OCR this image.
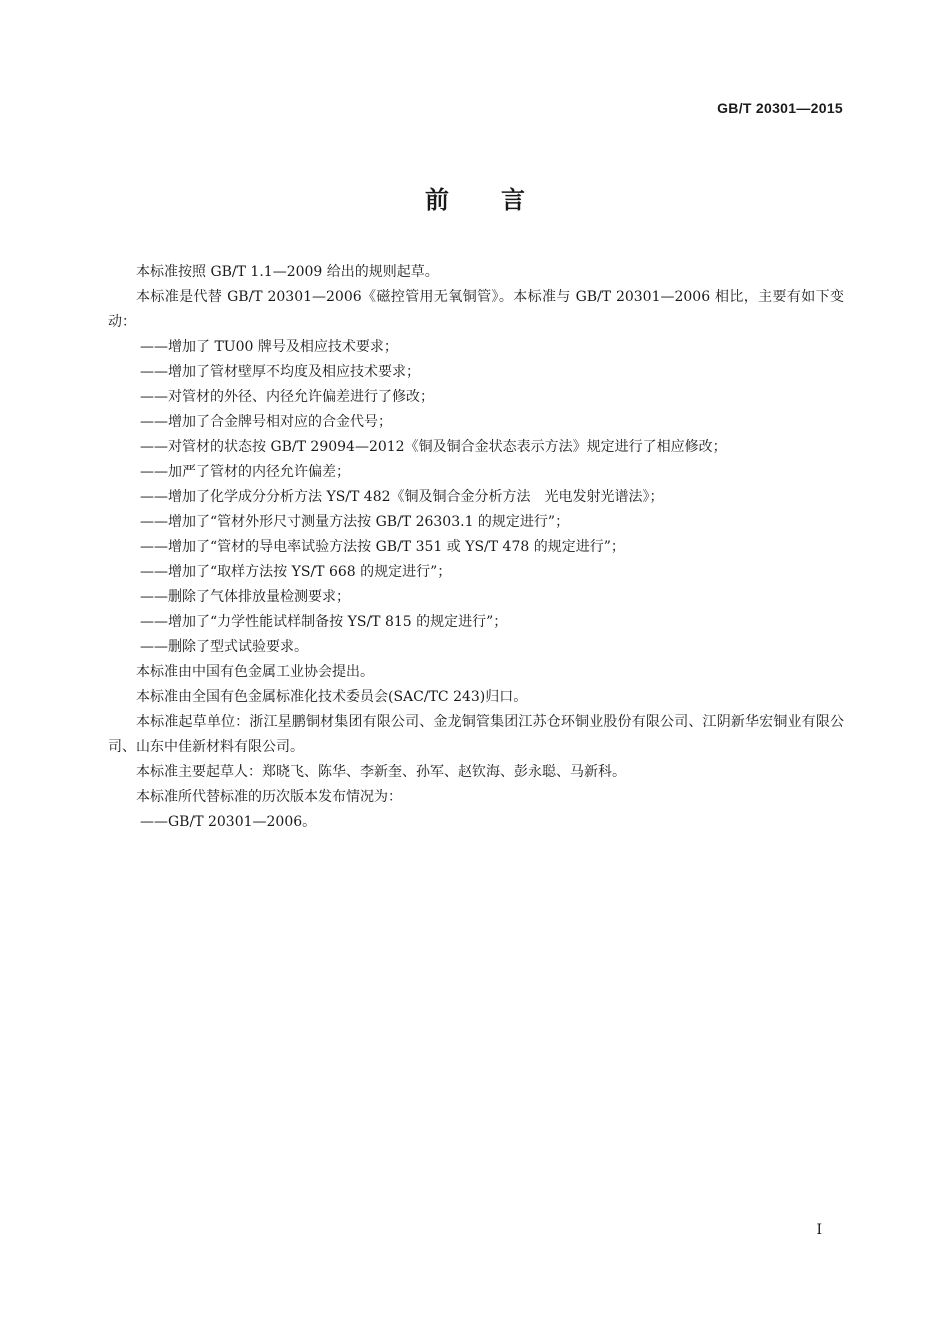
GB/T 20301—2015
前言

本标准按照 GB/T 1.1—2009 给出的规则起草。

本标准是代替 GB/T 20301—2006《磁控管用无氧铜管》。本标准与 GB/T 20301—2006 相比，主要有如下变动：

——增加了 TU00 牌号及相应技术要求；

——增加了管材壁厚不均度及相应技术要求；

——对管材的外径、内径允许偏差进行了修改；

——增加了合金牌号相对应的合金代号；

——对管材的状态按 GB/T 29094—2012《铜及铜合金状态表示方法》规定进行了相应修改；

——加严了管材的内径允许偏差；

——增加了化学成分分析方法 YS/T 482《铜及铜合金分析方法　光电发射光谱法》；

——增加了“管材外形尺寸测量方法按 GB/T 26303.1 的规定进行”；

——增加了“管材的导电率试验方法按 GB/T 351 或 YS/T 478 的规定进行”；

——增加了“取样方法按 YS/T 668 的规定进行”；

——删除了气体排放量检测要求；

——增加了“力学性能试样制备按 YS/T 815 的规定进行”；

——删除了型式试验要求。

本标准由中国有色金属工业协会提出。

本标准由全国有色金属标准化技术委员会(SAC/TC 243)归口。

本标准起草单位：浙江星鹏铜材集团有限公司、金龙铜管集团江苏仓环铜业股份有限公司、江阴新华宏铜业有限公司、山东中佳新材料有限公司。

本标准主要起草人：郑晓飞、陈华、李新奎、孙军、赵钦海、彭永聪、马新科。

本标准所代替标准的历次版本发布情况为：

——GB/T 20301—2006。

I
